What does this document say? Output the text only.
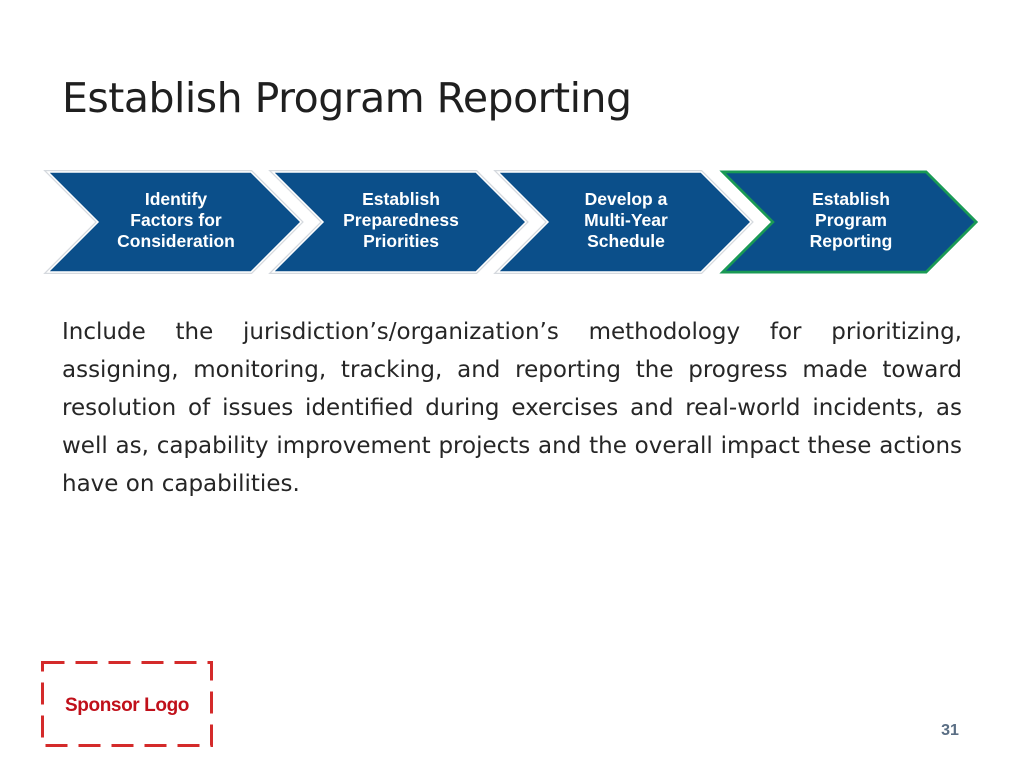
Establish Program Reporting
Identify
Factors for
Consideration
Establish
Preparedness
Priorities
Develop a
Multi-Year
Schedule
Establish
Program
Reporting

Include the jurisdiction’s/organization’s methodology for prioritizing, assigning, monitoring, tracking, and reporting the progress made toward resolution of issues identified during exercises and real-world incidents, as well as, capability improvement projects and the overall impact these actions have on capabilities.

Sponsor Logo
31
